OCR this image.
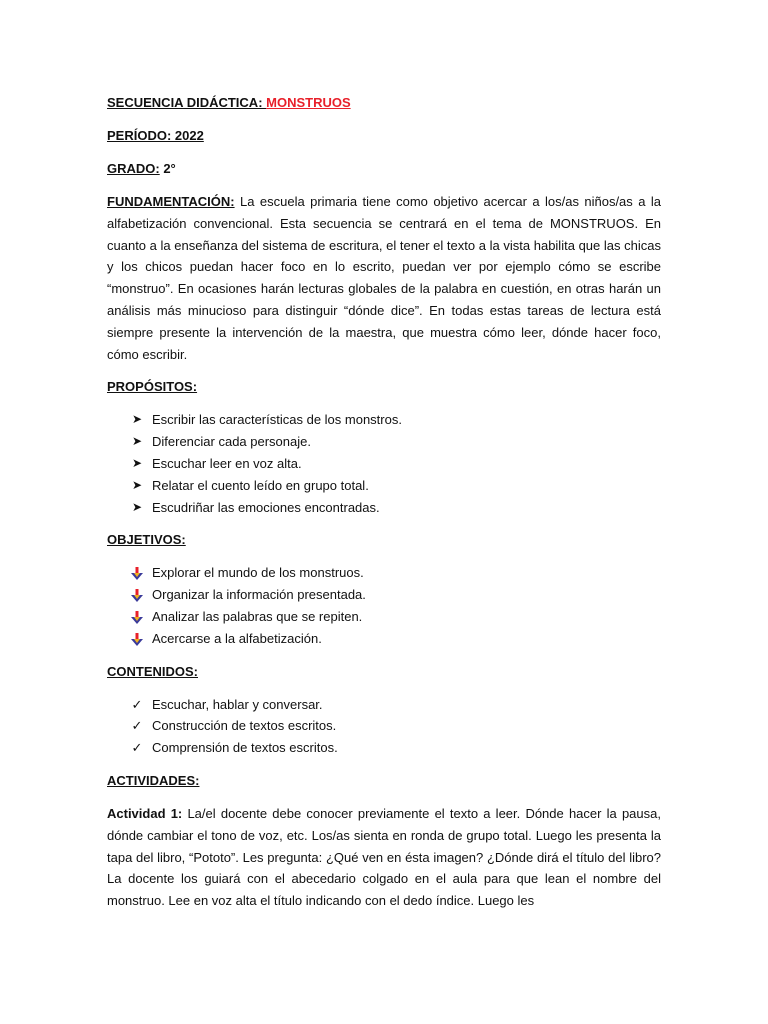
SECUENCIA DIDÁCTICA: MONSTRUOS

PERÍODO: 2022

GRADO: 2°

FUNDAMENTACIÓN: La escuela primaria tiene como objetivo acercar a los/as niños/as a la alfabetización convencional. Esta secuencia se centrará en el tema de MONSTRUOS. En cuanto a la enseñanza del sistema de escritura, el tener el texto a la vista habilita que las chicas y los chicos puedan hacer foco en lo escrito, puedan ver por ejemplo cómo se escribe “monstruo”. En ocasiones harán lecturas globales de la palabra en cuestión, en otras harán un análisis más minucioso para distinguir “dónde dice”. En todas estas tareas de lectura está siempre presente la intervención de la maestra, que muestra cómo leer, dónde hacer foco, cómo escribir.

PROPÓSITOS:

➤ Escribir las características de los monstros.
➤ Diferenciar cada personaje.
➤ Escuchar leer en voz alta.
➤ Relatar el cuento leído en grupo total.
➤ Escudriñar las emociones encontradas.

OBJETIVOS:

Explorar el mundo de los monstruos.
Organizar la información presentada.
Analizar las palabras que se repiten.
Acercarse a la alfabetización.

CONTENIDOS:

✓ Escuchar, hablar y conversar.
✓ Construcción de textos escritos.
✓ Comprensión de textos escritos.

ACTIVIDADES:

Actividad 1: La/el docente debe conocer previamente el texto a leer. Dónde hacer la pausa, dónde cambiar el tono de voz, etc. Los/as sienta en ronda de grupo total. Luego les presenta la tapa del libro, “Pototo”. Les pregunta: ¿Qué ven en ésta imagen? ¿Dónde dirá el título del libro? La docente los guiará con el abecedario colgado en el aula para que lean el nombre del monstruo. Lee en voz alta el título indicando con el dedo índice. Luego les
